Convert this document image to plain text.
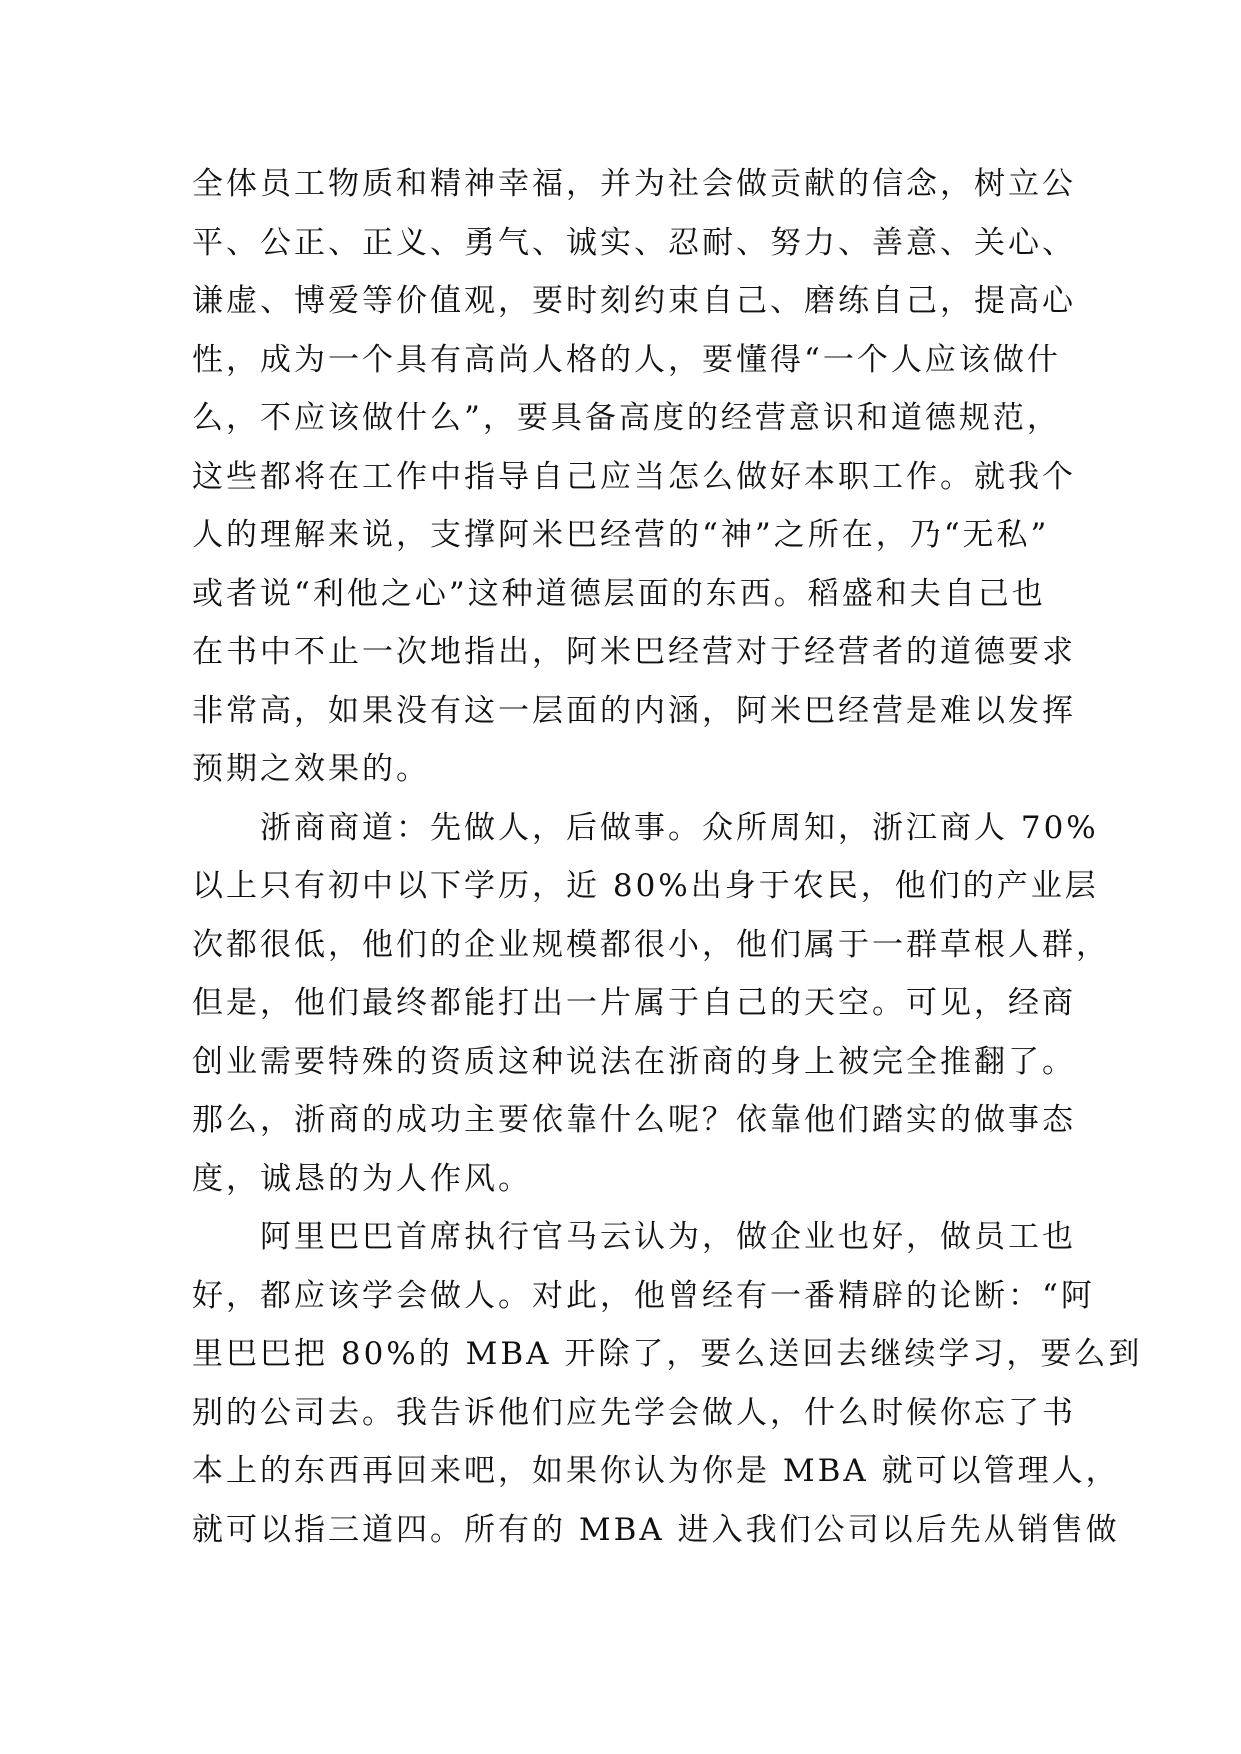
全体员工物质和精神幸福，并为社会做贡献的信念，树立公
平、公正、正义、勇气、诚实、忍耐、努力、善意、关心、
谦虚、博爱等价值观，要时刻约束自己、磨练自己，提高心
性，成为一个具有高尚人格的人，要懂得“一个人应该做什
么，不应该做什么”，要具备高度的经营意识和道德规范，
这些都将在工作中指导自己应当怎么做好本职工作。就我个
人的理解来说，支撑阿米巴经营的“神”之所在，乃“无私”
或者说“利他之心”这种道德层面的东西。稻盛和夫自己也
在书中不止一次地指出，阿米巴经营对于经营者的道德要求
非常高，如果没有这一层面的内涵，阿米巴经营是难以发挥
预期之效果的。
浙商商道：先做人，后做事。众所周知，浙江商人 70%
以上只有初中以下学历，近 80%出身于农民，他们的产业层
次都很低，他们的企业规模都很小，他们属于一群草根人群，
但是，他们最终都能打出一片属于自己的天空。可见，经商
创业需要特殊的资质这种说法在浙商的身上被完全推翻了。
那么，浙商的成功主要依靠什么呢？依靠他们踏实的做事态
度，诚恳的为人作风。
阿里巴巴首席执行官马云认为，做企业也好，做员工也
好，都应该学会做人。对此，他曾经有一番精辟的论断：“阿
里巴巴把 80%的 MBA 开除了，要么送回去继续学习，要么到
别的公司去。我告诉他们应先学会做人，什么时候你忘了书
本上的东西再回来吧，如果你认为你是 MBA 就可以管理人，
就可以指三道四。所有的 MBA 进入我们公司以后先从销售做
